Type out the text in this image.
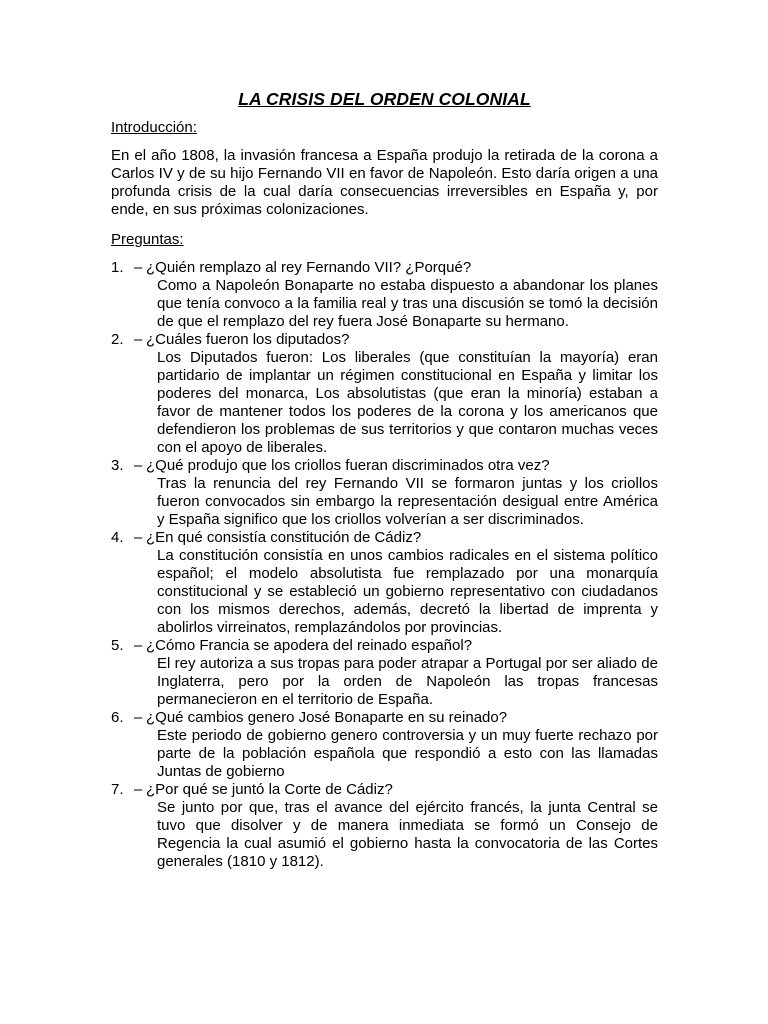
LA CRISIS DEL ORDEN COLONIAL

Introducción:

En el año 1808, la invasión francesa a España produjo la retirada de la corona a Carlos IV y de su hijo Fernando VII en favor de Napoleón. Esto daría origen a una profunda crisis de la cual daría consecuencias irreversibles en España y, por ende, en sus próximas colonizaciones.

Preguntas:

1. – ¿Quién remplazo al rey Fernando VII? ¿Porqué?

Como a Napoleón Bonaparte no estaba dispuesto a abandonar los planes que tenía convoco a la familia real y tras una discusión se tomó la decisión de que el remplazo del rey fuera José Bonaparte su hermano.

2. – ¿Cuáles fueron los diputados?

Los Diputados fueron: Los liberales (que constituían la mayoría) eran partidario de implantar un régimen constitucional en España y limitar los poderes del monarca, Los absolutistas (que eran la minoría) estaban a favor de mantener todos los poderes de la corona y los americanos que defendieron los problemas de sus territorios y que contaron muchas veces con el apoyo de liberales.

3. – ¿Qué produjo que los criollos fueran discriminados otra vez?

Tras la renuncia del rey Fernando VII se formaron juntas y los criollos fueron convocados sin embargo la representación desigual entre América y España significo que los criollos volverían a ser discriminados.

4. – ¿En qué consistía constitución de Cádiz?

La constitución consistía en unos cambios radicales en el sistema político español; el modelo absolutista fue remplazado por una monarquía constitucional y se estableció un gobierno representativo con ciudadanos con los mismos derechos, además, decretó la libertad de imprenta y abolirlos virreinatos, remplazándolos por provincias.

5. – ¿Cómo Francia se apodera del reinado español?

El rey autoriza a sus tropas para poder atrapar a Portugal por ser aliado de Inglaterra, pero por la orden de Napoleón las tropas francesas permanecieron en el territorio de España.

6. – ¿Qué cambios genero José Bonaparte en su reinado?

Este periodo de gobierno genero controversia y un muy fuerte rechazo por parte de la población española que respondió a esto con las llamadas Juntas de gobierno

7. – ¿Por qué se juntó la Corte de Cádiz?

Se junto por que, tras el avance del ejército francés, la junta Central se tuvo que disolver y de manera inmediata se formó un Consejo de Regencia la cual asumió el gobierno hasta la convocatoria de las Cortes generales (1810 y 1812).
